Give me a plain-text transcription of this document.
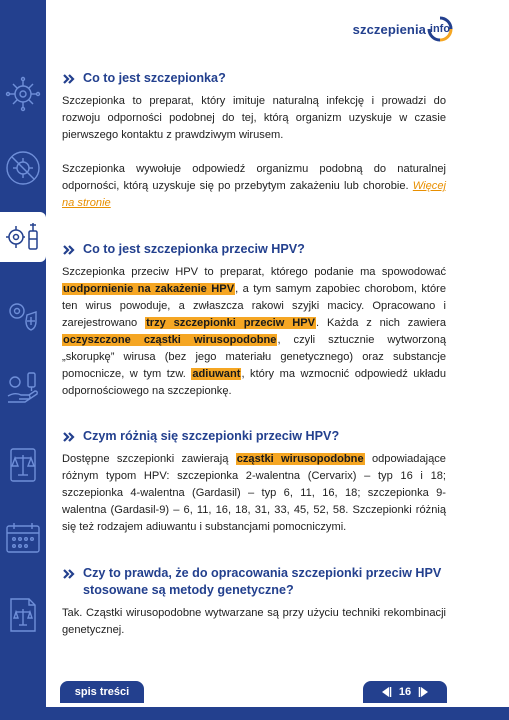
szczepienia info
Co to jest szczepionka?

Szczepionka to preparat, który imituje naturalną infekcję i prowadzi do rozwoju odporności podobnej do tej, którą organizm uzyskuje w czasie pierwszego kontaktu z prawdziwym wirusem.

Szczepionka wywołuje odpowiedź organizmu podobną do naturalnej odporności, którą uzyskuje się po przebytym zakażeniu lub chorobie. Więcej na stronie

Co to jest szczepionka przeciw HPV?

Szczepionka przeciw HPV to preparat, którego podanie ma spowodować uodpornienie na zakażenie HPV, a tym samym zapobiec chorobom, które ten wirus powoduje, a zwłaszcza rakowi szyjki macicy. Opracowano i zarejestrowano trzy szczepionki przeciw HPV. Każda z nich zawiera oczyszczone cząstki wirusopodobne, czyli sztucznie wytworzoną „skorupkę” wirusa (bez jego materiału genetycznego) oraz substancje pomocnicze, w tym tzw. adiuwant, który ma wzmocnić odpowiedź układu odpornościowego na szczepionkę.

Czym różnią się szczepionki przeciw HPV?

Dostępne szczepionki zawierają cząstki wirusopodobne odpowiadające różnym typom HPV: szczepionka 2-walentna (Cervarix) – typ 16 i 18; szczepionka 4-walentna (Gardasil) – typ 6, 11, 16, 18; szczepionka 9-walentna (Gardasil-9) – 6, 11, 16, 18, 31, 33, 45, 52, 58. Szczepionki różnią się też rodzajem adiuwantu i substancjami pomocniczymi.

Czy to prawda, że do opracowania szczepionki przeciw HPV stosowane są metody genetyczne?

Tak. Cząstki wirusopodobne wytwarzane są przy użyciu techniki rekombinacji genetycznej.

spis treści	16
